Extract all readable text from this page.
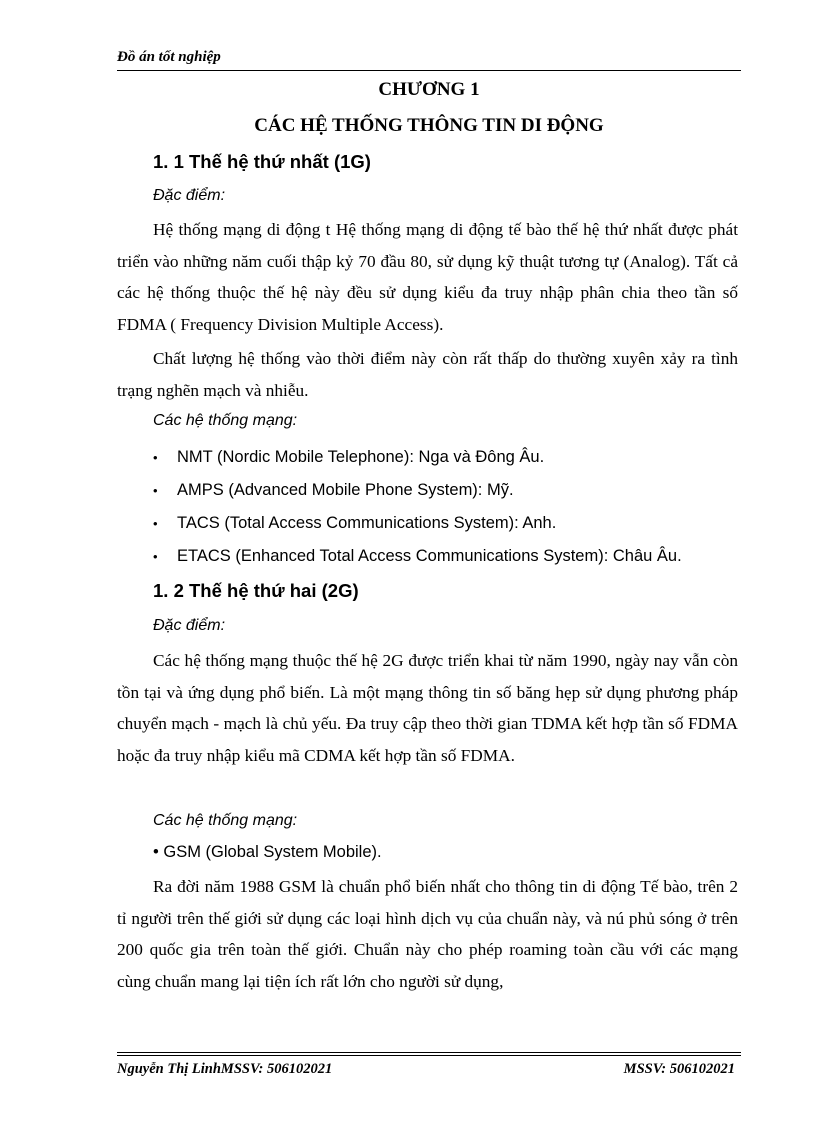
Đồ án tốt nghiệp
CHƯƠNG 1
CÁC HỆ THỐNG THÔNG TIN DI ĐỘNG
1. 1 Thế hệ thứ nhất (1G)
Đặc điểm:

Hệ thống mạng di động t Hệ thống mạng di động tế bào thế hệ thứ nhất được phát triển vào những năm cuối thập kỷ 70 đầu 80, sử dụng kỹ thuật tương tự (Analog). Tất cả các hệ thống thuộc thế hệ này đều sử dụng kiểu đa truy nhập phân chia theo tần số FDMA ( Frequency Division Multiple Access).

Chất lượng hệ thống vào thời điểm này còn rất thấp do thường xuyên xảy ra tình trạng nghẽn mạch và nhiễu.

Các hệ thống mạng:
• NMT (Nordic Mobile Telephone): Nga và Đông Âu.
• AMPS (Advanced Mobile Phone System): Mỹ.
• TACS (Total Access Communications System): Anh.
• ETACS (Enhanced Total Access Communications System): Châu Âu.
1. 2 Thế hệ thứ hai (2G)
Đặc điểm:

Các hệ thống mạng thuộc thế hệ 2G được triển khai từ năm 1990, ngày nay vẫn còn tồn tại và ứng dụng phổ biến. Là một mạng thông tin số băng hẹp sử dụng phương pháp chuyển mạch - mạch là chủ yếu. Đa truy cập theo thời gian TDMA kết hợp tần số FDMA hoặc đa truy nhập kiểu mã CDMA kết hợp tần số FDMA.

Các hệ thống mạng:
• GSM (Global System Mobile).

Ra đời năm 1988 GSM là chuẩn phổ biến nhất cho thông tin di động Tế bào, trên 2 tỉ người trên thế giới sử dụng các loại hình dịch vụ của chuẩn này, và nú phủ sóng ở trên 200 quốc gia trên toàn thế giới. Chuẩn này cho phép roaming toàn cầu với các mạng cùng chuẩn mang lại tiện ích rất lớn cho người sử dụng,

Nguyễn Thị LinhMSSV: 506102021	MSSV: 506102021
